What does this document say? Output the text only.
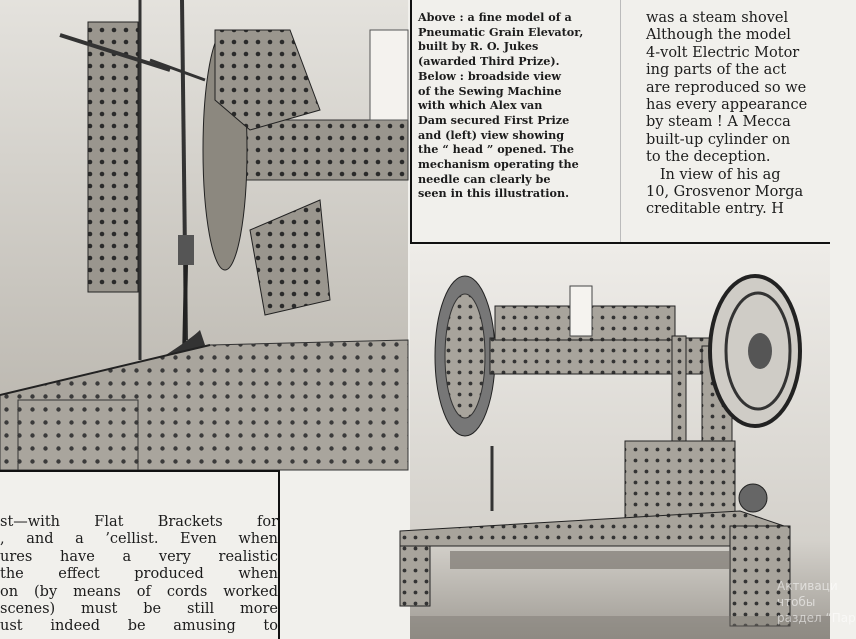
Активаци
чтобы
раздел “Пар

Above : a fine model of a

Pneumatic Grain Elevator,

built by R. O. Jukes

(awarded Third Prize).

Below : broadside view

of the Sewing Machine

with which Alex van

Dam secured First Prize

and (left) view showing

the “ head ” opened. The

mechanism operating the

needle can clearly be

seen in this illustration.

was a steam shovel

Although the model

4-volt Electric Motor

ing parts of the act

are reproduced so we

has every appearance

by steam ! A Mecca

built-up cylinder on

to the deception.

In view of his ag

10, Grosvenor Morga

creditable entry. H

st—with Flat Brackets for

, and a ’cellist. Even when

ures have a very realistic

the effect produced when

on (by means of cords worked

scenes) must be still more

ust indeed be amusing to
